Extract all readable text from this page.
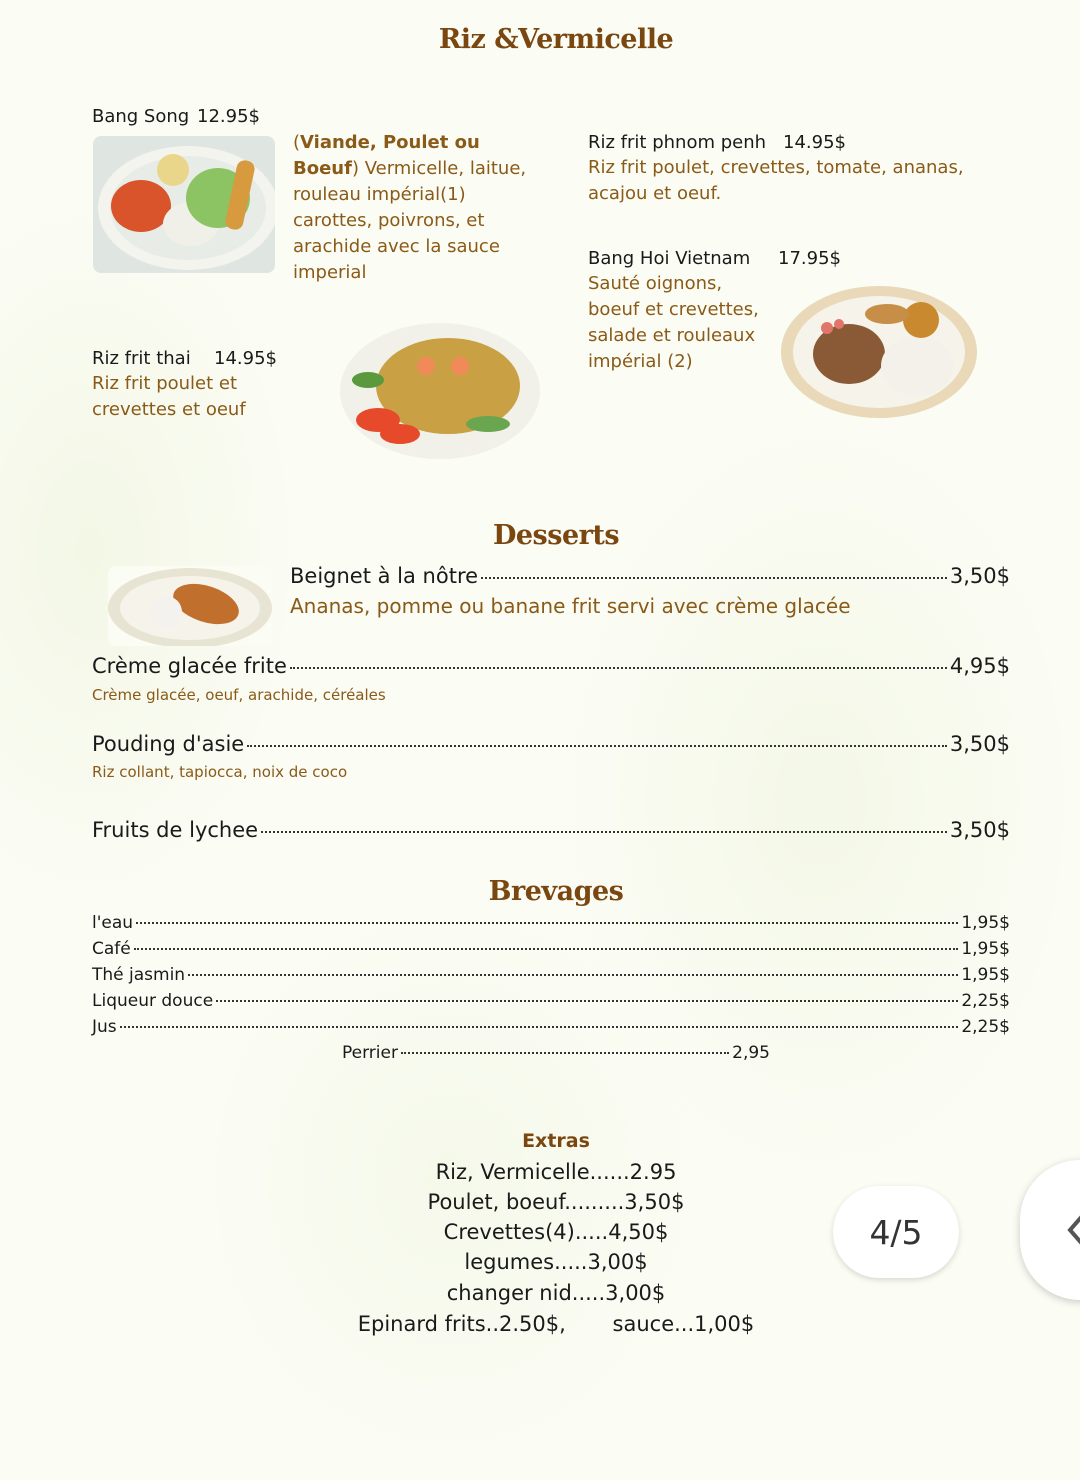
Riz &Vermicelle
Bang Song 12.95$
(Viande, Poulet ou Boeuf) Vermicelle, laitue, rouleau impérial(1) carottes, poivrons, et arachide avec la sauce imperial
Riz frit phnom penh 14.95$
Riz frit poulet, crevettes, tomate, ananas, acajou et oeuf.
Bang Hoi Vietnam 17.95$
Sauté oignons, boeuf et crevettes, salade et rouleaux impérial (2)
Riz frit thai 14.95$
Riz frit poulet et crevettes et oeuf
Desserts
Beignet à la nôtre	3,50$
Ananas, pomme ou banane frit servi avec crème glacée
Crème glacée frite	4,95$
Crème glacée, oeuf, arachide, céréales
Pouding d'asie	3,50$
Riz collant, tapiocca, noix de coco
Fruits de lychee	3,50$
Brevages
l'eau	1,95$
Café	1,95$
Thé jasmin	1,95$
Liqueur douce	2,25$
Jus	2,25$
Perrier	2,95
Extras
Riz, Vermicelle......2.95
Poulet, boeuf.........3,50$
Crevettes(4).....4,50$
legumes.....3,00$
changer nid.....3,00$
Epinard frits..2.50$,       sauce...1,00$
4/5
